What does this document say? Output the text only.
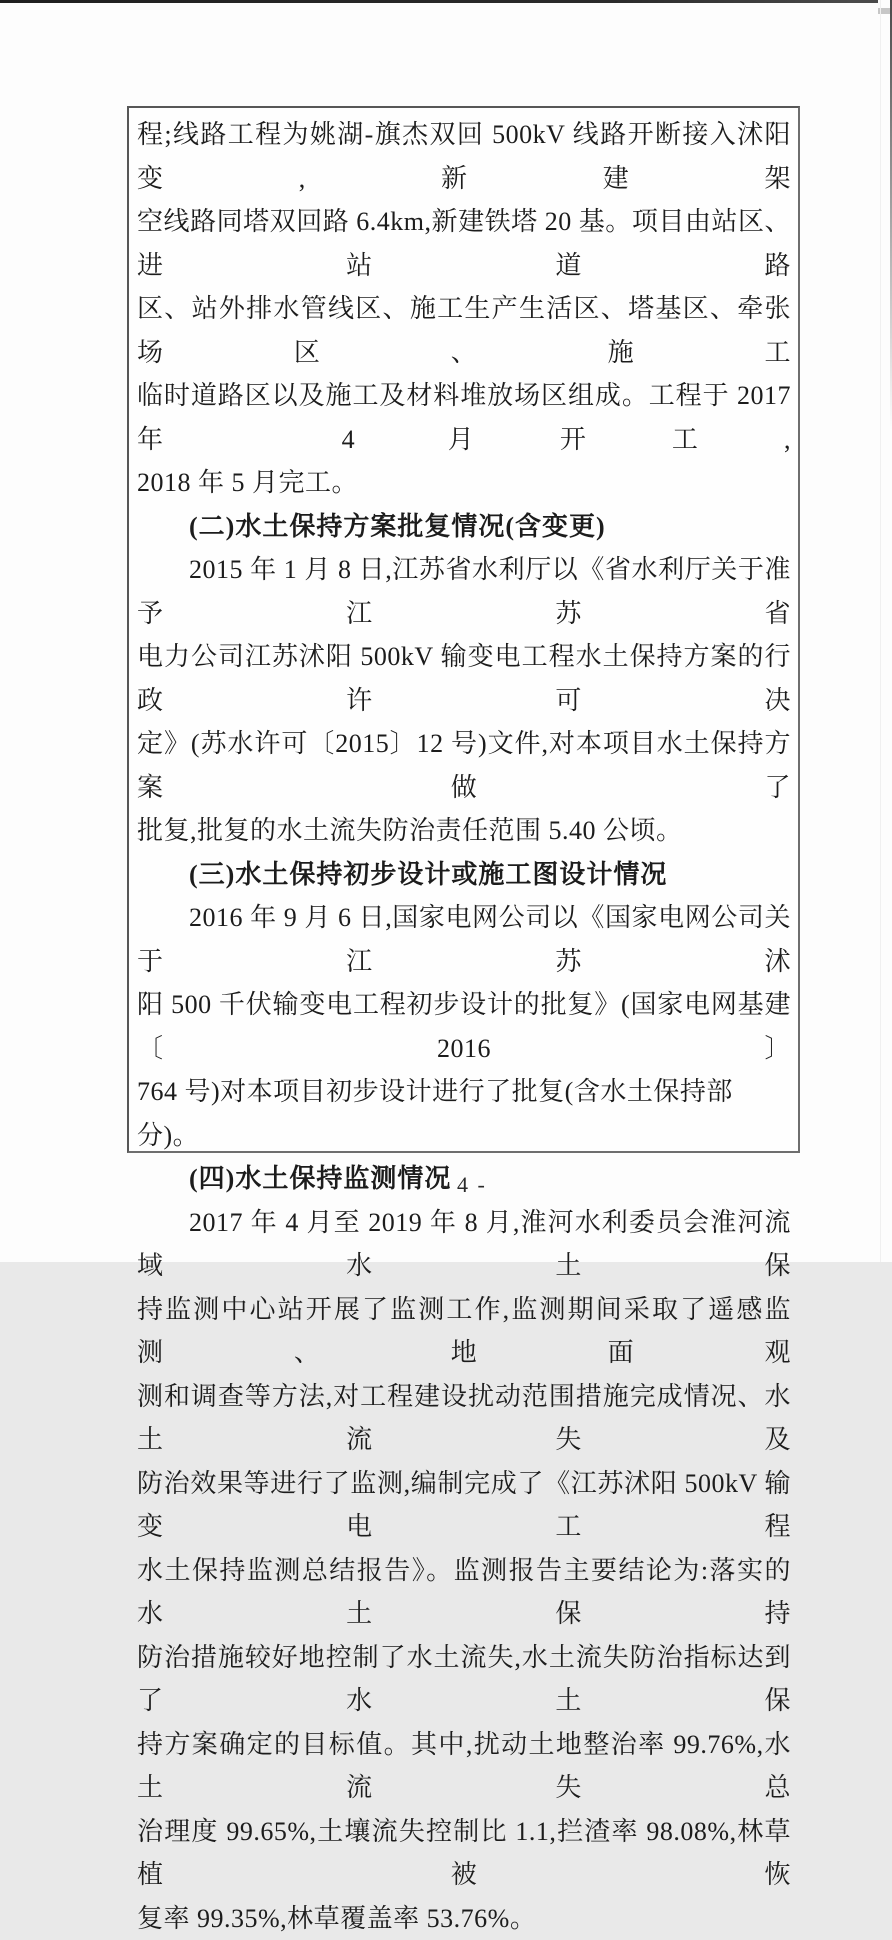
程;线路工程为姚湖-旗杰双回 500kV 线路开断接入沭阳变,新建架
空线路同塔双回路 6.4km,新建铁塔 20 基。项目由站区、进站道路
区、站外排水管线区、施工生产生活区、塔基区、牵张场区、施工
临时道路区以及施工及材料堆放场区组成。工程于 2017 年 4 月开工,
2018 年 5 月完工。
(二)水土保持方案批复情况(含变更)
2015 年 1 月 8 日,江苏省水利厅以《省水利厅关于准予江苏省
电力公司江苏沭阳 500kV 输变电工程水土保持方案的行政许可决
定》(苏水许可〔2015〕12 号)文件,对本项目水土保持方案做了
批复,批复的水土流失防治责任范围 5.40 公顷。
(三)水土保持初步设计或施工图设计情况
2016 年 9 月 6 日,国家电网公司以《国家电网公司关于江苏沭
阳 500 千伏输变电工程初步设计的批复》(国家电网基建〔2016〕
764 号)对本项目初步设计进行了批复(含水土保持部分)。
(四)水土保持监测情况
2017 年 4 月至 2019 年 8 月,淮河水利委员会淮河流域水土保
持监测中心站开展了监测工作,监测期间采取了遥感监测、地面观
测和调查等方法,对工程建设扰动范围措施完成情况、水土流失及
防治效果等进行了监测,编制完成了《江苏沭阳 500kV 输变电工程
水土保持监测总结报告》。监测报告主要结论为:落实的水土保持
防治措施较好地控制了水土流失,水土流失防治指标达到了水土保
持方案确定的目标值。其中,扰动土地整治率 99.76%,水土流失总
治理度 99.65%,土壤流失控制比 1.1,拦渣率 98.08%,林草植被恢
复率 99.35%,林草覆盖率 53.76%。
- 4 -
